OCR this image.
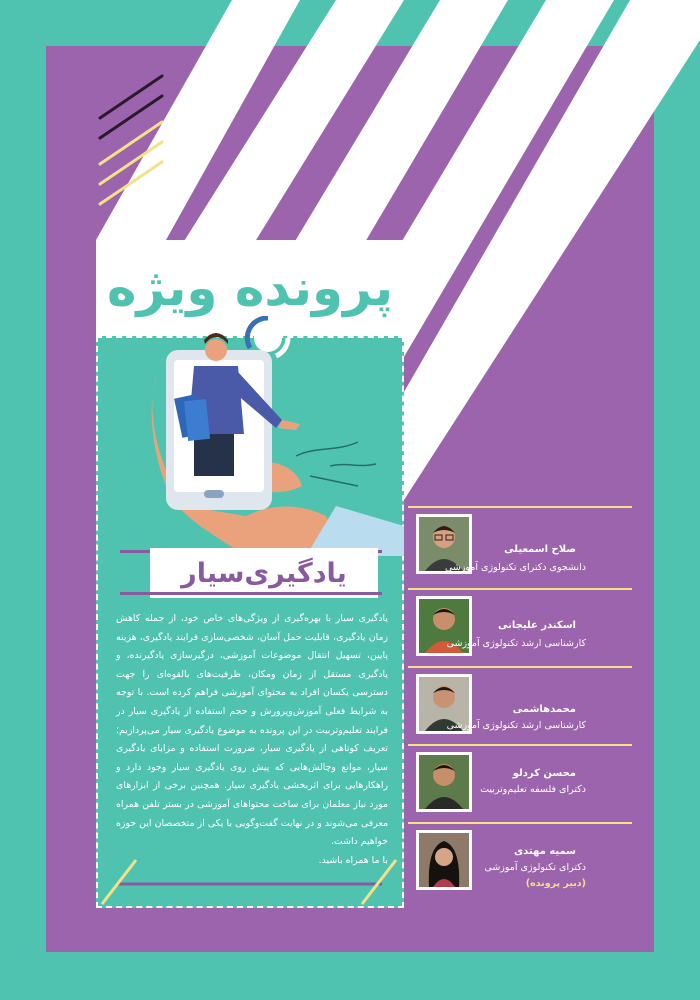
پرونده ویژه
یادگیری‌سیار

یادگیری سیار با بهره‌گیری از ویژگی‌های خاص خود، از جمله کاهش زمان یادگیری، قابلیت حمل آسان، شخصی‌سازی فرایند یادگیری، هزینه پایین، تسهیل انتقال موضوعات آموزشی، درگیرسازی یادگیرنده، و یادگیری مستقل از زمان ومکان، ظرفیت‌های بالقوه‌ای را جهت دسترسی یکسان افراد به محتوای آموزشی فراهم کرده است. با توجه به شرایط فعلی آموزش‌وپرورش و حجم استفاده از یادگیری سیار در فرایند تعلیم‌وتربیت در این پرونده به موضوع یادگیری سیار می‌پردازیم؛ تعریف کوتاهی از یادگیری سیار، ضرورت استفاده و مزایای یادگیری سیار، موانع وچالش‌هایی که پیش روی یادگیری سیار وجود دارد و راهکارهایی برای اثربخشی یادگیری سیار. همچنین برخی از ابزارهای مورد نیاز معلمان برای ساخت محتواهای آموزشی در بستر تلفن همراه معرفی می‌شوند و در نهایت گفت‌وگویی با یکی از متخصصان این حوزه خواهیم داشت.
با ما همراه باشید.

صلاح اسمعیلی
دانشجوی دکترای تکنولوژی آموزشی
اسکندر علیجانی
کارشناسی ارشد تکنولوژی آموزشی
محمدهاشمی
کارشناسی ارشد تکنولوژی آموزشی
محسن کردلو
دکترای فلسفه تعلیم‌وتربیت
سمیه مهتدی
دکترای تکنولوژی آموزشی
(دبیر پرونده)
